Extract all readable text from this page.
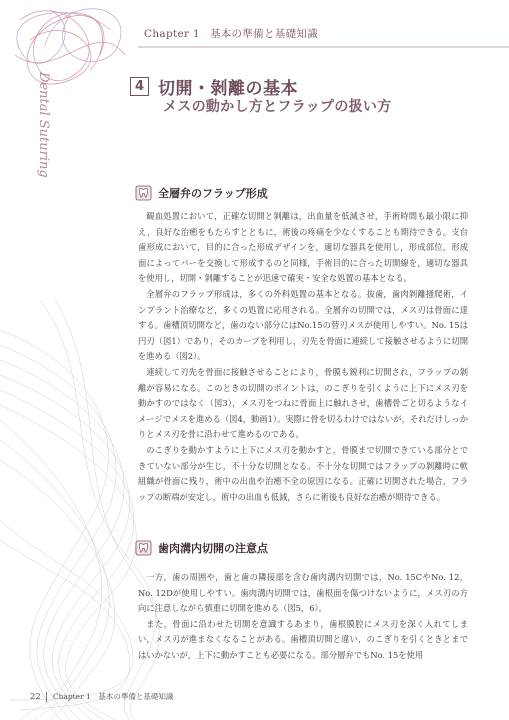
Chapter 1 基本の準備と基礎知識
Dental Suturing	4 切開・剝離の基本
メスの動かし方とフラップの扱い方
全層弁のフラップ形成

観血処置において，正確な切開と剝離は，出血量を低減させ，手術時間も最小限に抑え，良好な治癒をもたらすとともに，術後の疼痛を少なくすることも期待できる。支台歯形成において，目的に合った形成デザインを，適切な器具を使用し，形成部位，形成面によってバーを交換して形成するのと同様，手術目的に合った切開線を，適切な器具を使用し，切開・剝離することが迅速で確実・安全な処置の基本となる。

全層弁のフラップ形成は，多くの外科処置の基本となる。抜歯，歯肉剝離掻爬術，インプラント治療など，多くの処置に応用される。全層弁の切開では，メス刃は骨面に達する。歯槽頂切開など，歯のない部分にはNo.15の替刃メスが使用しやすい。No. 15は円刃（図1）であり，そのカーブを利用し，刃先を骨面に連続して接触させるように切開を進める（図2）。

連続して刃先を骨面に接触させることにより，骨膜も鋭利に切開され，フラップの剝離が容易になる。このときの切開のポイントは，のこぎりを引くように上下にメス刃を動かすのではなく（図3），メス刃をつねに骨面上に触れさせ，歯槽骨ごと切るようなイメージでメスを進める（図4，動画1）。実際に骨を切るわけではないが，それだけしっかりとメス刃を骨に沿わせて進めるのである。

のこぎりを動かすように上下にメス刃を動かすと，骨膜まで切開できている部分とできていない部分が生じ，不十分な切開となる。不十分な切開ではフラップの剝離時に軟組織が骨面に残り，術中の出血や治癒不全の原因になる。正確に切開された場合，フラップの断端が安定し，術中の出血も低減，さらに術後も良好な治癒が期待できる。

歯肉溝内切開の注意点

一方，歯の周囲や，歯と歯の隣接部を含む歯肉溝内切開では，No. 15CやNo. 12，No. 12Dが使用しやすい。歯肉溝内切開では，歯根面を傷つけないように，メス刃の方向に注意しながら慎重に切開を進める（図5，6）。

また，骨面に沿わせた切開を意識するあまり，歯根膜腔にメス刃を深く入れてしまい，メス刃が進まなくなることがある。歯槽頂切開と違い，のこぎりを引くときとまではいかないが，上下に動かすことも必要になる。部分層弁でもNo. 15を使用

22 Chapter 1　基本の準備と基礎知識
